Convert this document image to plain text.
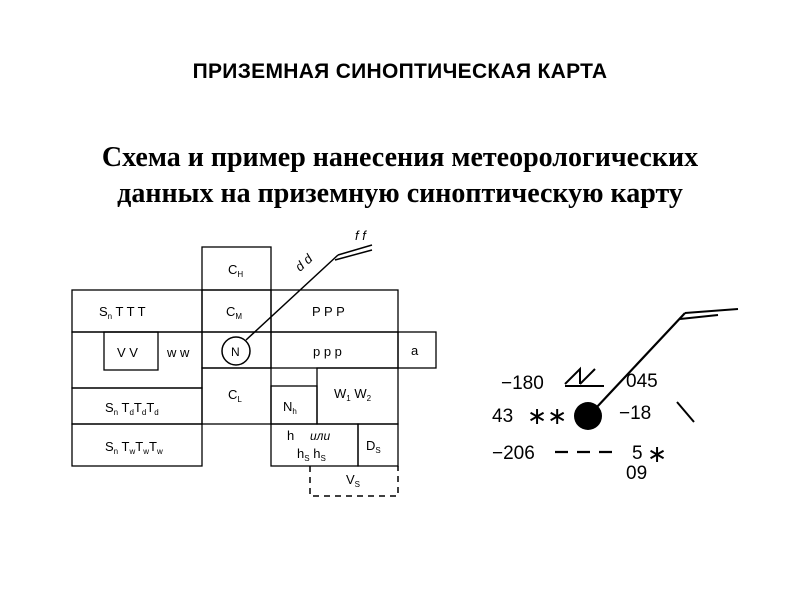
ПРИЗЕМНАЯ СИНОПТИЧЕСКАЯ КАРТА
Схема и пример нанесения метеорологических
данных на приземную синоптическую карту
d d
f f
$C_H$
$C_M$
N
$C_L$
$S_n$ T T T
V V w w
$S_n$ $T_dT_dT_d$
$S_n$ $T_wT_wT_w$
P P P
p p p	a
$N_h$
$W_1$ $W_2$
h или
$h_S$ $h_S$
$D_S$
$V_S$
−180	045
43 ∗∗	−18
−206	5 ∗
09
